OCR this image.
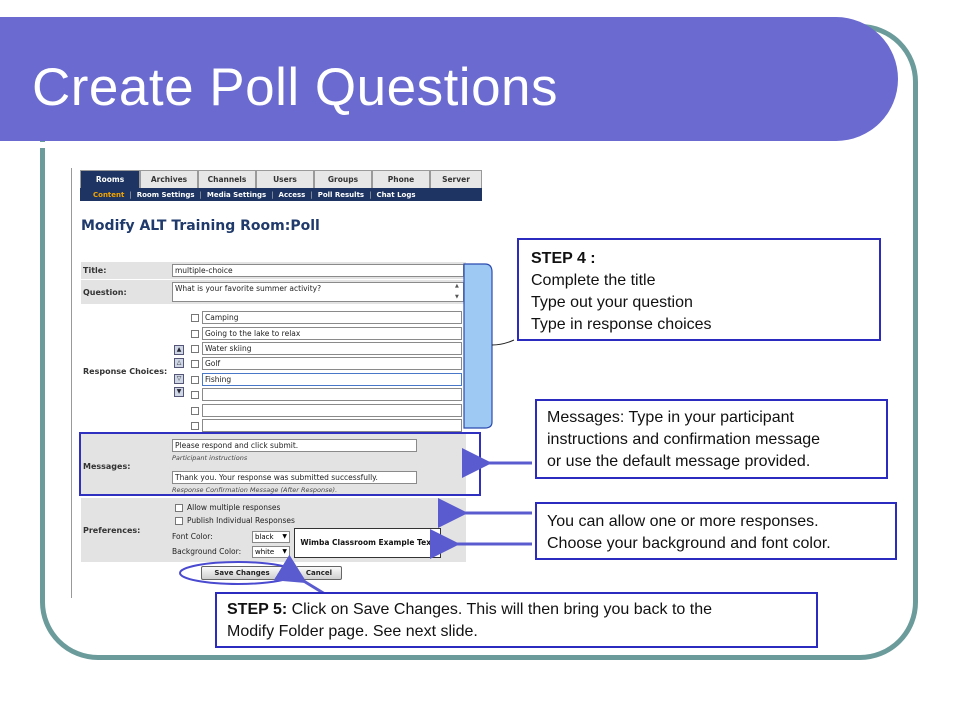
Create Poll Questions
Rooms	Archives	Channels	Users	Groups	Phone	Server
Content | Room Settings | Media Settings | Access | Poll Results | Chat Logs
Modify ALT Training Room:Poll
Title:	multiple-choice
Question:	What is your favorite summer activity?	▲
▼
Response Choices:
▲
△
▽
▼
Camping
Going to the lake to relax
Water skiing
Golf
Fishing
Messages:
Please respond and click submit.
Participant instructions
Thank you. Your response was submitted successfully.
Response Confirmation Message (After Response).
Preferences:
Allow multiple responses
Publish Individual Responses
Font Color:	black ▼
Background Color:	white ▼
Wimba Classroom Example Text
Save Changes	Cancel
STEP 4 :
Complete the title
Type out your question
Type in response choices
Messages: Type in your participant
instructions and confirmation message
or use the default message provided.
You can allow one or more responses.
Choose your background and font color.
STEP 5: Click on Save Changes. This will then bring you back to the
Modify Folder page. See next slide.
